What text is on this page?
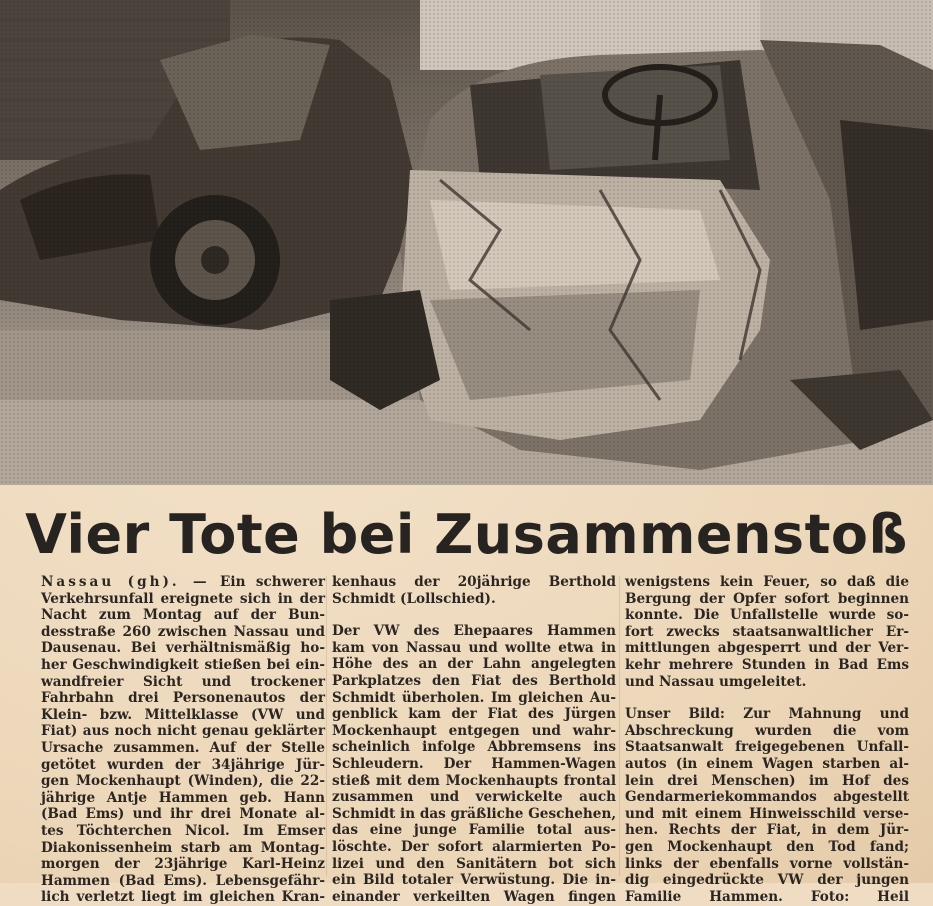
Vier Tote bei Zusammenstoß

Nassau (gh). — Ein schwerer
Verkehrsunfall ereignete sich in der
Nacht zum Montag auf der Bun-
desstraße 260 zwischen Nassau und
Dausenau. Bei verhältnismäßig ho-
her Geschwindigkeit stießen bei ein-
wandfreier Sicht und trockener
Fahrbahn drei Personenautos der
Klein- bzw. Mittelklasse (VW und
Fiat) aus noch nicht genau geklärter
Ursache zusammen. Auf der Stelle
getötet wurden der 34jährige Jür-
gen Mockenhaupt (Winden), die 22-
jährige Antje Hammen geb. Hann
(Bad Ems) und ihr drei Monate al-
tes Töchterchen Nicol. Im Emser
Diakonissenheim starb am Montag-
morgen der 23jährige Karl-Heinz
Hammen (Bad Ems). Lebensgefähr-
lich verletzt liegt im gleichen Kran-

kenhaus der 20jährige Berthold
Schmidt (Lollschied).

Der VW des Ehepaares Hammen
kam von Nassau und wollte etwa in
Höhe des an der Lahn angelegten
Parkplatzes den Fiat des Berthold
Schmidt überholen. Im gleichen Au-
genblick kam der Fiat des Jürgen
Mockenhaupt entgegen und wahr-
scheinlich infolge Abbremsens ins
Schleudern. Der Hammen-Wagen
stieß mit dem Mockenhaupts frontal
zusammen und verwickelte auch
Schmidt in das gräßliche Geschehen,
das eine junge Familie total aus-
löschte. Der sofort alarmierten Po-
lizei und den Sanitätern bot sich
ein Bild totaler Verwüstung. Die in-
einander verkeilten Wagen fingen

wenigstens kein Feuer, so daß die
Bergung der Opfer sofort beginnen
konnte. Die Unfallstelle wurde so-
fort zwecks staatsanwaltlicher Er-
mittlungen abgesperrt und der Ver-
kehr mehrere Stunden in Bad Ems
und Nassau umgeleitet.

Unser Bild: Zur Mahnung und
Abschreckung wurden die vom
Staatsanwalt freigegebenen Unfall-
autos (in einem Wagen starben al-
lein drei Menschen) im Hof des
Gendarmeriekommandos abgestellt
und mit einem Hinweisschild verse-
hen. Rechts der Fiat, in dem Jür-
gen Mockenhaupt den Tod fand;
links der ebenfalls vorne vollstän-
dig eingedrückte VW der jungen
Familie Hammen. Foto: Heil
